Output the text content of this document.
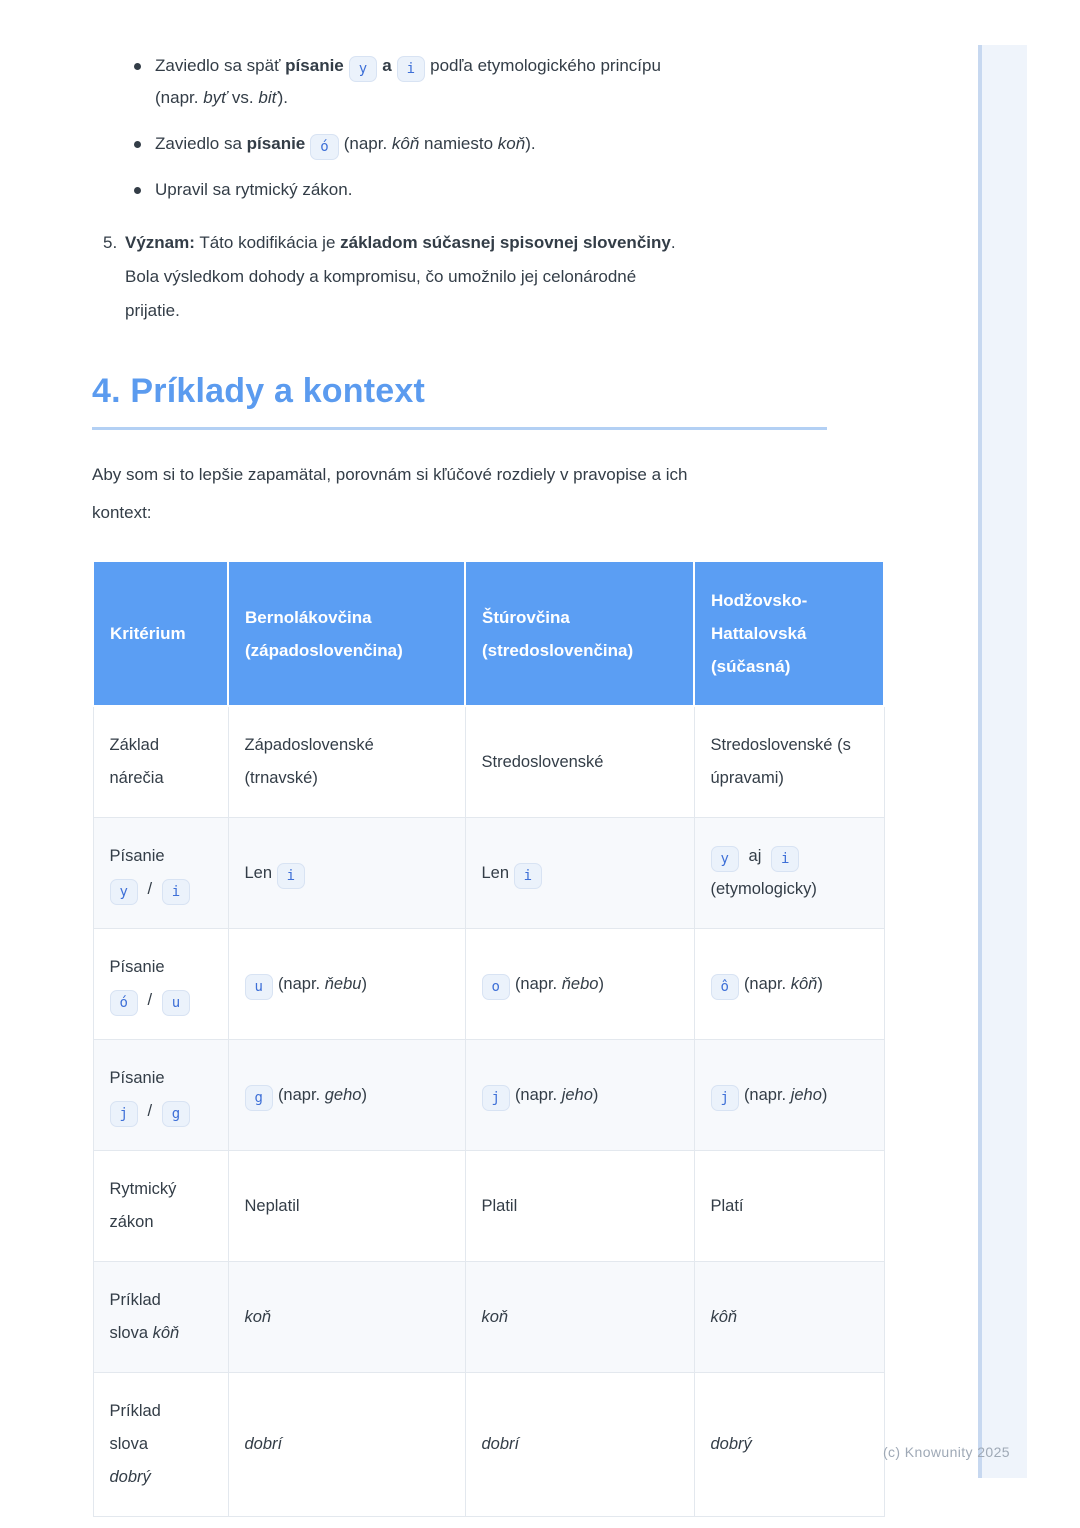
Zaviedlo sa späť písanie y a i podľa etymologického princípu
(napr. byť vs. biť).
Zaviedlo sa písanie ó (napr. kôň namiesto koň).
Upravil sa rytmický zákon.
5. Význam: Táto kodifikácia je základom súčasnej spisovnej slovenčiny.
Bola výsledkom dohody a kompromisu, čo umožnilo jej celonárodné
prijatie.
4. Príklady a kontext

Aby som si to lepšie zapamätal, porovnám si kľúčové rozdiely v pravopise a ich
kontext:

Kritérium	Bernolákovčina (západoslovenčina)	Štúrovčina (stredoslovenčina)	Hodžovsko-Hattalovská (súčasná)
Základ nárečia	Západoslovenské (trnavské)	Stredoslovenské	Stredoslovenské (s úpravami)
Písanie
y / i	Len i	Len i	y aj i
(etymologicky)
Písanie
ó / u	u (napr. ňebu)	o (napr. ňebo)	ô (napr. kôň)
Písanie
j / g	g (napr. geho)	j (napr. jeho)	j (napr. jeho)
Rytmický zákon	Neplatil	Platil	Platí
Príklad
slova kôň	koň	koň	kôň
Príklad
slova
dobrý	dobrí	dobrí	dobrý	(c) Knowunity 2025
